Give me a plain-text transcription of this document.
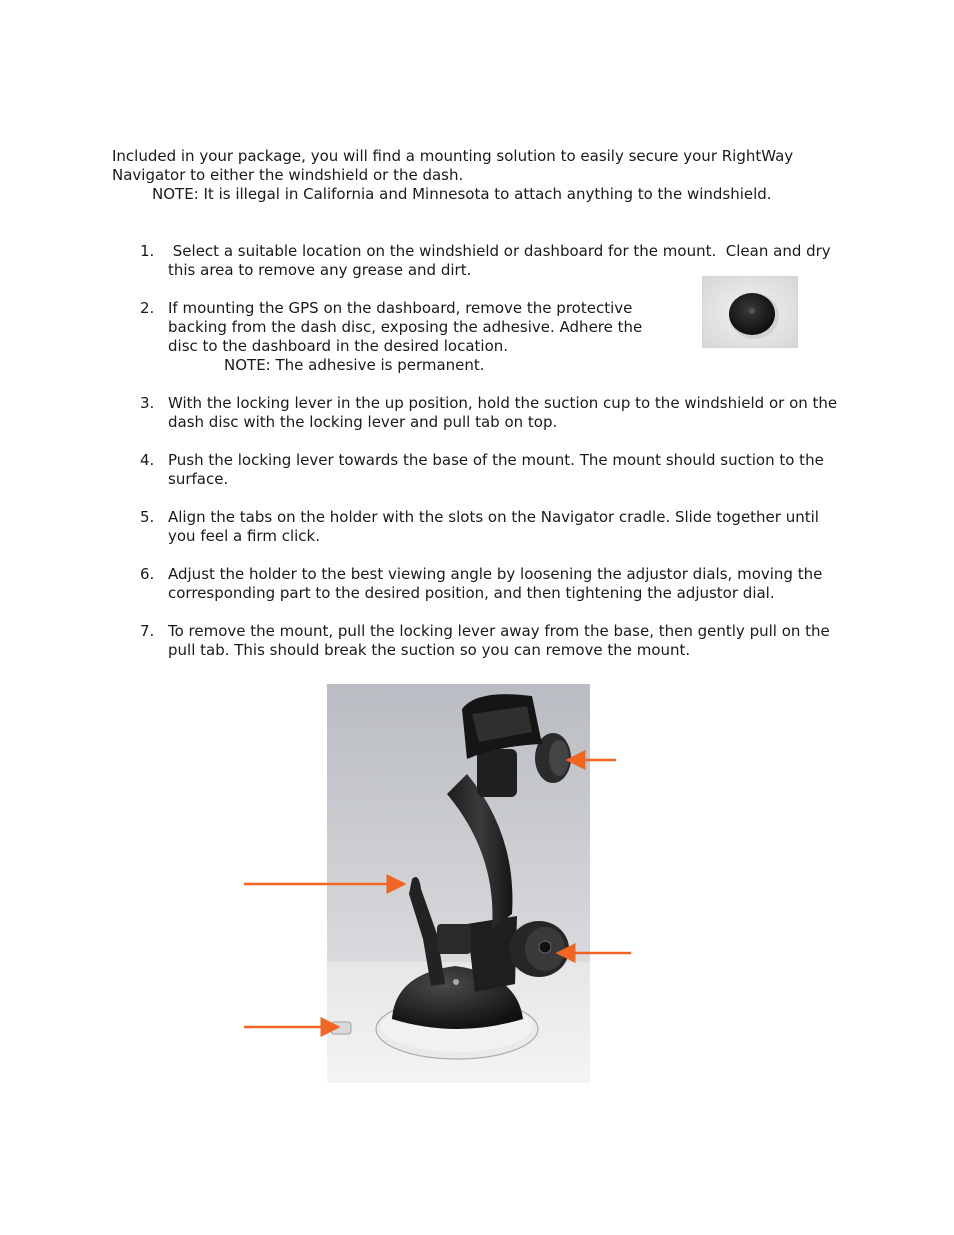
Included in your package, you will find a mounting solution to easily secure your RightWay Navigator to either the windshield or the dash.

NOTE: It is illegal in California and Minnesota to attach anything to the windshield.

1. Select a suitable location on the windshield or dashboard for the mount.  Clean and dry this area to remove any grease and dirt.
2. If mounting the GPS on the dashboard, remove the protective backing from the dash disc, exposing the adhesive. Adhere the disc to the dashboard in the desired location.
NOTE: The adhesive is permanent.
3. With the locking lever in the up position, hold the suction cup to the windshield or on the dash disc with the locking lever and pull tab on top.
4. Push the locking lever towards the base of the mount. The mount should suction to the surface.
5. Align the tabs on the holder with the slots on the Navigator cradle. Slide together until you feel a firm click.
6. Adjust the holder to the best viewing angle by loosening the adjustor dials, moving the corresponding part to the desired position, and then tightening the adjustor dial.
7. To remove the mount, pull the locking lever away from the base, then gently pull on the pull tab. This should break the suction so you can remove the mount.
